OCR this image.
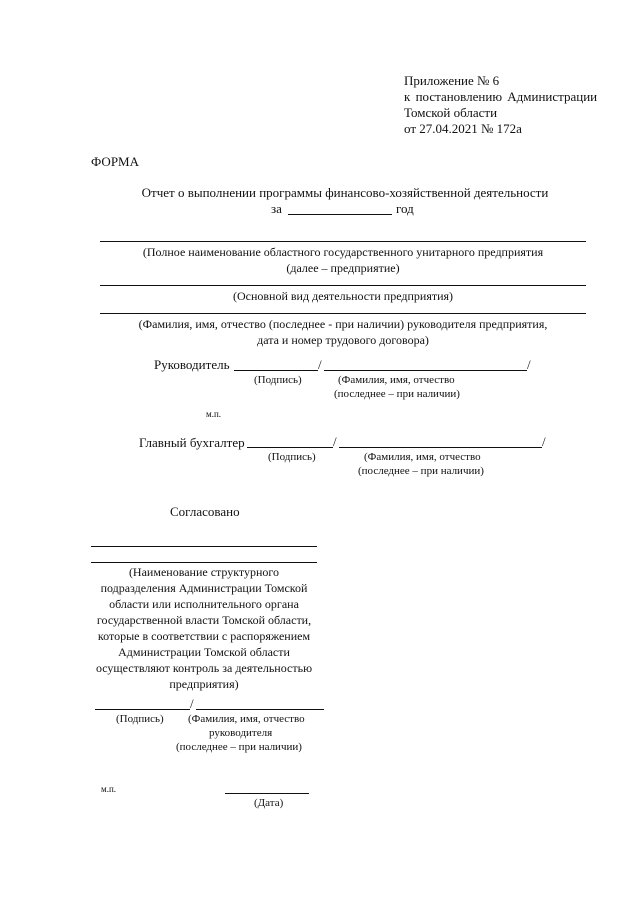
Приложение № 6
к постановлению Администрации
Томской области
от 27.04.2021 № 172а
ФОРМА
Отчет о выполнении программы финансово-хозяйственной деятельности
за	год
(Полное наименование областного государственного унитарного предприятия
(далее – предприятие)
(Основной вид деятельности предприятия)
(Фамилия, имя, отчество (последнее - при наличии) руководителя предприятия,
дата и номер трудового договора)
Руководитель	/	/
(Подпись)	(Фамилия, имя, отчество
(последнее – при наличии)
м.п.
Главный бухгалтер	/	/
(Подпись)	(Фамилия, имя, отчество
(последнее – при наличии)
Согласовано
(Наименование структурного
подразделения Администрации Томской
области или исполнительного органа
государственной власти Томской области,
которые в соответствии с распоряжением
Администрации Томской области
осуществляют контроль за деятельностью
предприятия)
/
(Подпись) (Фамилия, имя, отчество
руководителя
(последнее – при наличии)
м.п.
(Дата)
